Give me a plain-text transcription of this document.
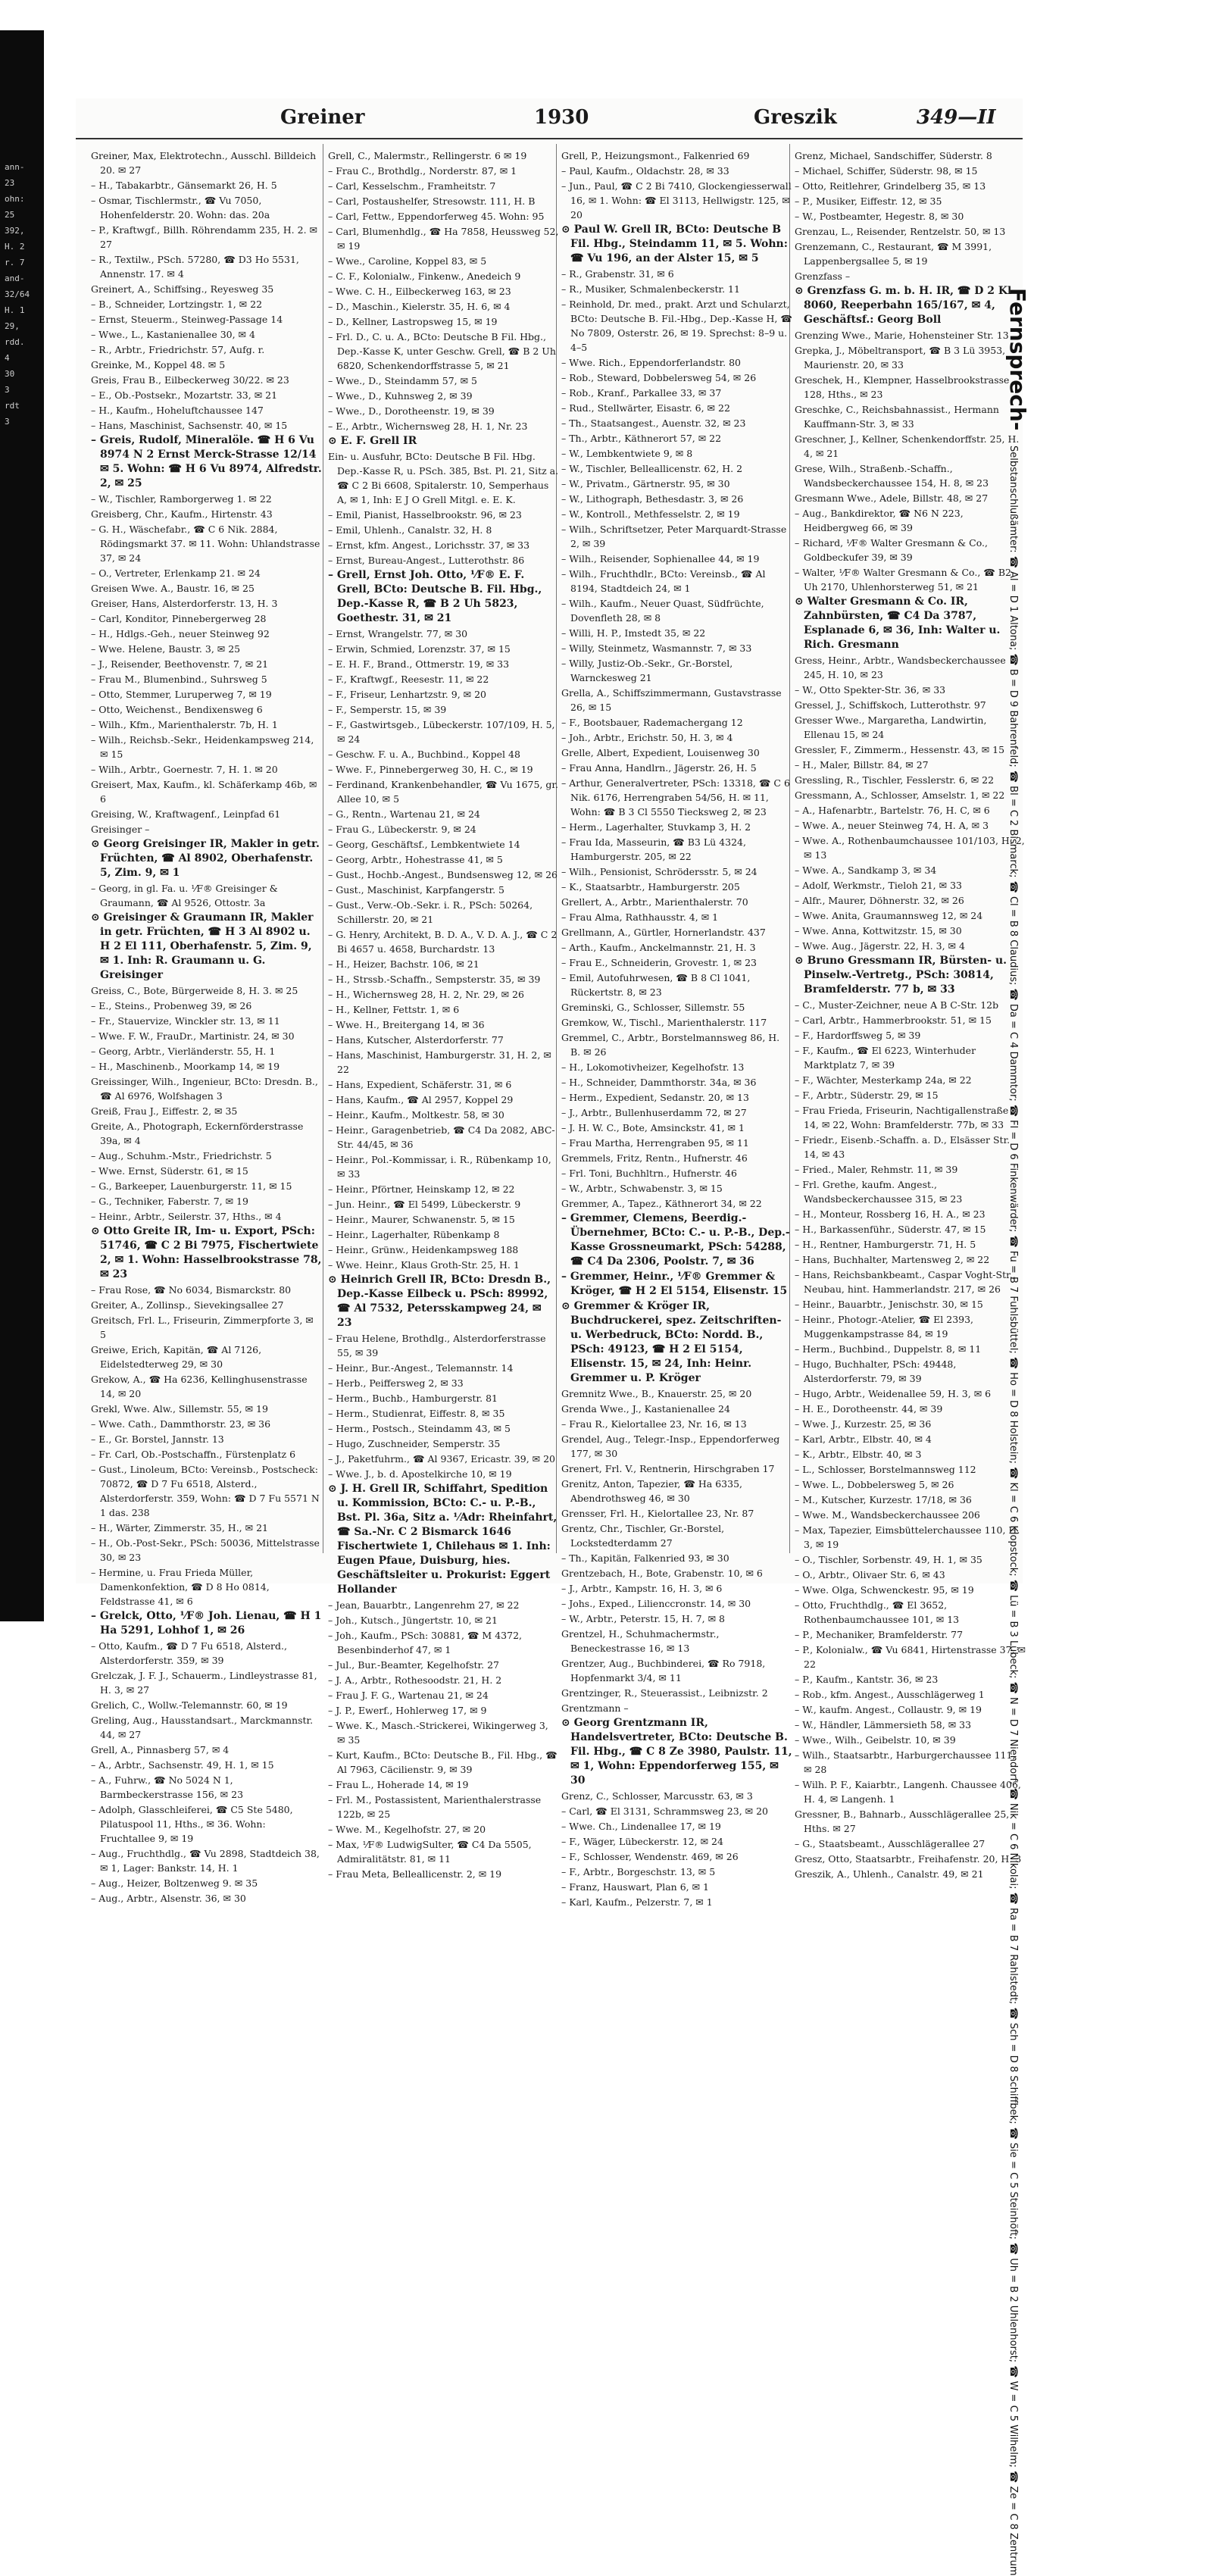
ann-
23
ohn:
25
392,
H. 2
r. 7
and-
32/64
H. 1
29,
rdd.
4
30
3
rdt
3
Greiner	1930	Greszik	349—II
Greiner, Max, Elektrotechn., Ausschl. Billdeich 20. ✉ 27
– H., Tabakarbtr., Gänsemarkt 26, H. 5
– Osmar, Tischlermstr., ☎ Vu 7050, Hohenfelderstr. 20. Wohn: das. 20a
– P., Kraftwgf., Billh. Röhrendamm 235, H. 2. ✉ 27
– R., Textilw., PSch. 57280, ☎ D3 Ho 5531, Annenstr. 17. ✉ 4
Greinert, A., Schiffsing., Reyesweg 35
– B., Schneider, Lortzingstr. 1, ✉ 22
– Ernst, Steuerm., Steinweg-Passage 14
– Wwe., L., Kastanienallee 30, ✉ 4
– R., Arbtr., Friedrichstr. 57, Aufg. r.
Greinke, M., Koppel 48. ✉ 5
Greis, Frau B., Eilbeckerweg 30/22. ✉ 23
– E., Ob.-Postsekr., Mozartstr. 33, ✉ 21
– H., Kaufm., Hoheluftchaussee 147
– Hans, Maschinist, Sachsenstr. 40, ✉ 15
– Greis, Rudolf, Mineralöle. ☎ H 6 Vu 8974 N 2 Ernst Merck-Strasse 12/14 ✉ 5. Wohn: ☎ H 6 Vu 8974, Alfredstr. 2, ✉ 25
– W., Tischler, Ramborgerweg 1. ✉ 22
Greisberg, Chr., Kaufm., Hirtenstr. 43
– G. H., Wäschefabr., ☎ C 6 Nik. 2884, Rödingsmarkt 37. ✉ 11. Wohn: Uhlandstrasse 37, ✉ 24
– O., Vertreter, Erlenkamp 21. ✉ 24
Greisen Wwe. A., Baustr. 16, ✉ 25
Greiser, Hans, Alsterdorferstr. 13, H. 3
– Carl, Konditor, Pinnebergerweg 28
– H., Hdlgs.-Geh., neuer Steinweg 92
– Wwe. Helene, Baustr. 3, ✉ 25
– J., Reisender, Beethovenstr. 7, ✉ 21
– Frau M., Blumenbind., Suhrsweg 5
– Otto, Stemmer, Luruperweg 7, ✉ 19
– Otto, Weichenst., Bendixensweg 6
– Wilh., Kfm., Marienthalerstr. 7b, H. 1
– Wilh., Reichsb.-Sekr., Heidenkampsweg 214, ✉ 15
– Wilh., Arbtr., Goernestr. 7, H. 1. ✉ 20
Greisert, Max, Kaufm., kl. Schäferkamp 46b, ✉ 6
Greising, W., Kraftwagenf., Leinpfad 61
Greisinger –
⊙ Georg Greisinger IR, Makler in getr. Früchten, ☎ Al 8902, Oberhafenstr. 5, Zim. 9, ✉ 1
– Georg, in gl. Fa. u. ⅟F® Greisinger & Graumann, ☎ Al 9526, Ottostr. 3a
⊙ Greisinger & Graumann IR, Makler in getr. Früchten, ☎ H 3 Al 8902 u. H 2 El 111, Oberhafenstr. 5, Zim. 9, ✉ 1. Inh: R. Graumann u. G. Greisinger
Greiss, C., Bote, Bürgerweide 8, H. 3. ✉ 25
– E., Steins., Probenweg 39, ✉ 26
– Fr., Stauervize, Winckler str. 13, ✉ 11
– Wwe. F. W., FrauDr., Martinistr. 24, ✉ 30
– Georg, Arbtr., Vierländerstr. 55, H. 1
– H., Maschinenb., Moorkamp 14, ✉ 19
Greissinger, Wilh., Ingenieur, BCto: Dresdn. B., ☎ Al 6976, Wolfshagen 3
Greiß, Frau J., Eiffestr. 2, ✉ 35
Greite, A., Photograph, Eckernförderstrasse 39a, ✉ 4
– Aug., Schuhm.-Mstr., Friedrichstr. 5
– Wwe. Ernst, Süderstr. 61, ✉ 15
– G., Barkeeper, Lauenburgerstr. 11, ✉ 15
– G., Techniker, Faberstr. 7, ✉ 19
– Heinr., Arbtr., Seilerstr. 37, Hths., ✉ 4
⊙ Otto Greite IR, Im- u. Export, PSch: 51746, ☎ C 2 Bi 7975, Fischertwiete 2, ✉ 1. Wohn: Hasselbrookstrasse 78, ✉ 23
– Frau Rose, ☎ No 6034, Bismarckstr. 80
Greiter, A., Zollinsp., Sievekingsallee 27
Greitsch, Frl. L., Friseurin, Zimmerpforte 3, ✉ 5
Greiwe, Erich, Kapitän, ☎ Al 7126, Eidelstedterweg 29, ✉ 30
Grekow, A., ☎ Ha 6236, Kellinghusenstrasse 14, ✉ 20
Grekl, Wwe. Alw., Sillemstr. 55, ✉ 19
– Wwe. Cath., Dammthorstr. 23, ✉ 36
– E., Gr. Borstel, Jannstr. 13
– Fr. Carl, Ob.-Postschaffn., Fürstenplatz 6
– Gust., Linoleum, BCto: Vereinsb., Postscheck: 70872, ☎ D 7 Fu 6518, Alsterd., Alsterdorferstr. 359, Wohn: ☎ D 7 Fu 5571 N 1 das. 238
– H., Wärter, Zimmerstr. 35, H., ✉ 21
– H., Ob.-Post-Sekr., PSch: 50036, Mittelstrasse 30, ✉ 23
– Hermine, u. Frau Frieda Müller, Damenkonfektion, ☎ D 8 Ho 0814, Feldstrasse 41, ✉ 6
– Grelck, Otto, ⅟F® Joh. Lienau, ☎ H 1 Ha 5291, Lohhof 1, ✉ 26
– Otto, Kaufm., ☎ D 7 Fu 6518, Alsterd., Alsterdorferstr. 359, ✉ 39
Grelczak, J. F. J., Schauerm., Lindleystrasse 81, H. 3, ✉ 27
Grelich, C., Wollw.-Telemannstr. 60, ✉ 19
Greling, Aug., Hausstandsart., Marckmannstr. 44, ✉ 27
Grell, A., Pinnasberg 57, ✉ 4
– A., Arbtr., Sachsenstr. 49, H. 1, ✉ 15
– A., Fuhrw., ☎ No 5024 N 1, Barmbeckerstrasse 156, ✉ 23
– Adolph, Glasschleiferei, ☎ C5 Ste 5480, Pilatuspool 11, Hths., ✉ 36. Wohn: Fruchtallee 9, ✉ 19
– Aug., Fruchthdlg., ☎ Vu 2898, Stadtdeich 38, ✉ 1, Lager: Bankstr. 14, H. 1
– Aug., Heizer, Boltzenweg 9. ✉ 35
– Aug., Arbtr., Alsenstr. 36, ✉ 30
Grell, C., Malermstr., Rellingerstr. 6 ✉ 19
– Frau C., Brothdlg., Norderstr. 87, ✉ 1
– Carl, Kesselschm., Framheitstr. 7
– Carl, Postaushelfer, Stresowstr. 111, H. B
– Carl, Fettw., Eppendorferweg 45. Wohn: 95
– Carl, Blumenhdlg., ☎ Ha 7858, Heussweg 52, ✉ 19
– Wwe., Caroline, Koppel 83, ✉ 5
– C. F., Kolonialw., Finkenw., Anedeich 9
– Wwe. C. H., Eilbeckerweg 163, ✉ 23
– D., Maschin., Kielerstr. 35, H. 6, ✉ 4
– D., Kellner, Lastropsweg 15, ✉ 19
– Frl. D., C. u. A., BCto: Deutsche B Fil. Hbg., Dep.-Kasse K, unter Geschw. Grell, ☎ B 2 Uh 6820, Schenkendorffstrasse 5, ✉ 21
– Wwe., D., Steindamm 57, ✉ 5
– Wwe., D., Kuhnsweg 2, ✉ 39
– Wwe., D., Dorotheenstr. 19, ✉ 39
– E., Arbtr., Wichernsweg 28, H. 1, Nr. 23
⊙ E. F. Grell IR
Ein- u. Ausfuhr, BCto: Deutsche B Fil. Hbg. Dep.-Kasse R, u. PSch. 385, Bst. Pl. 21, Sitz a. ☎ C 2 Bi 6608, Spitalerstr. 10, Semperhaus A, ✉ 1, Inh: E J O Grell Mitgl. e. E. K.
– Emil, Pianist, Hasselbrookstr. 96, ✉ 23
– Emil, Uhlenh., Canalstr. 32, H. 8
– Ernst, kfm. Angest., Lorichsstr. 37, ✉ 33
– Ernst, Bureau-Angest., Lutterothstr. 86
– Grell, Ernst Joh. Otto, ⅟F® E. F. Grell, BCto: Deutsche B. Fil. Hbg., Dep.-Kasse R, ☎ B 2 Uh 5823, Goethestr. 31, ✉ 21
– Ernst, Wrangelstr. 77, ✉ 30
– Erwin, Schmied, Lorenzstr. 37, ✉ 15
– E. H. F., Brand., Ottmerstr. 19, ✉ 33
– F., Kraftwgf., Reesestr. 11, ✉ 22
– F., Friseur, Lenhartzstr. 9, ✉ 20
– F., Semperstr. 15, ✉ 39
– F., Gastwirtsgeb., Lübeckerstr. 107/109, H. 5, ✉ 24
– Geschw. F. u. A., Buchbind., Koppel 48
– Wwe. F., Pinnebergerweg 30, H. C., ✉ 19
– Ferdinand, Krankenbehandler, ☎ Vu 1675, gr. Allee 10, ✉ 5
– G., Rentn., Wartenau 21, ✉ 24
– Frau G., Lübeckerstr. 9, ✉ 24
– Georg, Geschäftsf., Lembkentwiete 14
– Georg, Arbtr., Hohestrasse 41, ✉ 5
– Gust., Hochb.-Angest., Bundsensweg 12, ✉ 26
– Gust., Maschinist, Karpfangerstr. 5
– Gust., Verw.-Ob.-Sekr. i. R., PSch: 50264, Schillerstr. 20, ✉ 21
– G. Henry, Architekt, B. D. A., V. D. A. J., ☎ C 2 Bi 4657 u. 4658, Burchardstr. 13
– H., Heizer, Bachstr. 106, ✉ 21
– H., Strssb.-Schaffn., Sempsterstr. 35, ✉ 39
– H., Wichernsweg 28, H. 2, Nr. 29, ✉ 26
– H., Kellner, Fettstr. 1, ✉ 6
– Wwe. H., Breitergang 14, ✉ 36
– Hans, Kutscher, Alsterdorferstr. 77
– Hans, Maschinist, Hamburgerstr. 31, H. 2, ✉ 22
– Hans, Expedient, Schäferstr. 31, ✉ 6
– Hans, Kaufm., ☎ Al 2957, Koppel 29
– Heinr., Kaufm., Moltkestr. 58, ✉ 30
– Heinr., Garagenbetrieb, ☎ C4 Da 2082, ABC-Str. 44/45, ✉ 36
– Heinr., Pol.-Kommissar, i. R., Rübenkamp 10, ✉ 33
– Heinr., Pförtner, Heinskamp 12, ✉ 22
– Jun. Heinr., ☎ El 5499, Lübeckerstr. 9
– Heinr., Maurer, Schwanenstr. 5, ✉ 15
– Heinr., Lagerhalter, Rübenkamp 8
– Heinr., Grünw., Heidenkampsweg 188
– Wwe. Heinr., Klaus Groth-Str. 25, H. 1
⊙ Heinrich Grell IR, BCto: Dresdn B., Dep.-Kasse Eilbeck u. PSch: 89992, ☎ Al 7532, Petersskampweg 24, ✉ 23
– Frau Helene, Brothdlg., Alsterdorferstrasse 55, ✉ 39
– Heinr., Bur.-Angest., Telemannstr. 14
– Herb., Peiffersweg 2, ✉ 33
– Herm., Buchb., Hamburgerstr. 81
– Herm., Studienrat, Eiffestr. 8, ✉ 35
– Herm., Postsch., Steindamm 43, ✉ 5
– Hugo, Zuschneider, Semperstr. 35
– J., Paketfuhrm., ☎ Al 9367, Ericastr. 39, ✉ 20
– Wwe. J., b. d. Apostelkirche 10, ✉ 19
⊙ J. H. Grell IR, Schiffahrt, Spedition u. Kommission, BCto: C.- u. P.-B., Bst. Pl. 36a, Sitz a. ⅟Adr: Rheinfahrt, ☎ Sa.-Nr. C 2 Bismarck 1646 Fischertwiete 1, Chilehaus ✉ 1. Inh: Eugen Pfaue, Duisburg, hies. Geschäftsleiter u. Prokurist: Eggert Hollander
– Jean, Bauarbtr., Langenrehm 27, ✉ 22
– Joh., Kutsch., Jüngertstr. 10, ✉ 21
– Joh., Kaufm., PSch: 30881, ☎ M 4372, Besenbinderhof 47, ✉ 1
– Jul., Bur.-Beamter, Kegelhofstr. 27
– J. A., Arbtr., Rothesoodstr. 21, H. 2
– Frau J. F. G., Wartenau 21, ✉ 24
– J. P., Ewerf., Hohlerweg 17, ✉ 9
– Wwe. K., Masch.-Strickerei, Wikingerweg 3, ✉ 35
– Kurt, Kaufm., BCto: Deutsche B., Fil. Hbg., ☎ Al 7963, Cäcilienstr. 9, ✉ 39
– Frau L., Hoherade 14, ✉ 19
– Frl. M., Postassistent, Marienthalerstrasse 122b, ✉ 25
– Wwe. M., Kegelhofstr. 27, ✉ 20
– Max, ⅟F® LudwigSulter, ☎ C4 Da 5505, Admiralitätstr. 81, ✉ 11
– Frau Meta, Belleallicenstr. 2, ✉ 19
Grell, P., Heizungsmont., Falkenried 69
– Paul, Kaufm., Oldachstr. 28, ✉ 33
– Jun., Paul, ☎ C 2 Bi 7410, Glockengiesserwall 16, ✉ 1. Wohn: ☎ El 3113, Hellwigstr. 125, ✉ 20
⊙ Paul W. Grell IR, BCto: Deutsche B Fil. Hbg., Steindamm 11, ✉ 5. Wohn: ☎ Vu 196, an der Alster 15, ✉ 5
– R., Grabenstr. 31, ✉ 6
– R., Musiker, Schmalenbeckerstr. 11
– Reinhold, Dr. med., prakt. Arzt und Schularzt, BCto: Deutsche B. Fil.-Hbg., Dep.-Kasse H, ☎ No 7809, Osterstr. 26, ✉ 19. Sprechst: 8–9 u. 4–5
– Wwe. Rich., Eppendorferlandstr. 80
– Rob., Steward, Dobbelersweg 54, ✉ 26
– Rob., Kranf., Parkallee 33, ✉ 37
– Rud., Stellwärter, Eisastr. 6, ✉ 22
– Th., Staatsangest., Auenstr. 32, ✉ 23
– Th., Arbtr., Käthnerort 57, ✉ 22
– W., Lembkentwiete 9, ✉ 8
– W., Tischler, Belleallicenstr. 62, H. 2
– W., Privatm., Gärtnerstr. 95, ✉ 30
– W., Lithograph, Bethesdastr. 3, ✉ 26
– W., Kontroll., Methfesselstr. 2, ✉ 19
– Wilh., Schriftsetzer, Peter Marquardt-Strasse 2, ✉ 39
– Wilh., Reisender, Sophienallee 44, ✉ 19
– Wilh., Fruchthdlr., BCto: Vereinsb., ☎ Al 8194, Stadtdeich 24, ✉ 1
– Wilh., Kaufm., Neuer Quast, Südfrüchte, Dovenfleth 28, ✉ 8
– Willi, H. P., Imstedt 35, ✉ 22
– Willy, Steinmetz, Wasmannstr. 7, ✉ 33
– Willy, Justiz-Ob.-Sekr., Gr.-Borstel, Warnckesweg 21
Grella, A., Schiffszimmermann, Gustavstrasse 26, ✉ 15
– F., Bootsbauer, Rademachergang 12
– Joh., Arbtr., Erichstr. 50, H. 3, ✉ 4
Grelle, Albert, Expedient, Louisenweg 30
– Frau Anna, Handlrn., Jägerstr. 26, H. 5
– Arthur, Generalvertreter, PSch: 13318, ☎ C 6 Nik. 6176, Herrengraben 54/56, H. ✉ 11, Wohn: ☎ B 3 Cl 5550 Tiecksweg 2, ✉ 23
– Herm., Lagerhalter, Stuvkamp 3, H. 2
– Frau Ida, Masseurin, ☎ B3 Lü 4324, Hamburgerstr. 205, ✉ 22
– Wilh., Pensionist, Schrödersstr. 5, ✉ 24
– K., Staatsarbtr., Hamburgerstr. 205
Grellert, A., Arbtr., Marienthalerstr. 70
– Frau Alma, Rathhausstr. 4, ✉ 1
Grellmann, A., Gürtler, Hornerlandstr. 437
– Arth., Kaufm., Anckelmannstr. 21, H. 3
– Frau E., Schneiderin, Grovestr. 1, ✉ 23
– Emil, Autofuhrwesen, ☎ B 8 Cl 1041, Rückertstr. 8, ✉ 23
Greminski, G., Schlosser, Sillemstr. 55
Gremkow, W., Tischl., Marienthalerstr. 117
Gremmel, C., Arbtr., Borstelmannsweg 86, H. B. ✉ 26
– H., Lokomotivheizer, Kegelhofstr. 13
– H., Schneider, Dammthorstr. 34a, ✉ 36
– Herm., Expedient, Sedanstr. 20, ✉ 13
– J., Arbtr., Bullenhuserdamm 72, ✉ 27
– J. H. W. C., Bote, Amsinckstr. 41, ✉ 1
– Frau Martha, Herrengraben 95, ✉ 11
Gremmels, Fritz, Rentn., Hufnerstr. 46
– Frl. Toni, Buchhltrn., Hufnerstr. 46
– W., Arbtr., Schwabenstr. 3, ✉ 15
Gremmer, A., Tapez., Käthnerort 34, ✉ 22
– Gremmer, Clemens, Beerdig.-Übernehmer, BCto: C.- u. P.-B., Dep.-Kasse Grossneumarkt, PSch: 54288, ☎ C4 Da 2306, Poolstr. 7, ✉ 36
– Gremmer, Heinr., ⅟F® Gremmer & Kröger, ☎ H 2 El 5154, Elisenstr. 15
⊙ Gremmer & Kröger IR, Buchdruckerei, spez. Zeitschriften- u. Werbedruck, BCto: Nordd. B., PSch: 49123, ☎ H 2 El 5154, Elisenstr. 15, ✉ 24, Inh: Heinr. Gremmer u. P. Kröger
Gremnitz Wwe., B., Knauerstr. 25, ✉ 20
Grenda Wwe., J., Kastanienallee 24
– Frau R., Kielortallee 23, Nr. 16, ✉ 13
Grendel, Aug., Telegr.-Insp., Eppendorferweg 177, ✉ 30
Grenert, Frl. V., Rentnerin, Hirschgraben 17
Grenitz, Anton, Tapezier, ☎ Ha 6335, Abendrothsweg 46, ✉ 30
Grensser, Frl. H., Kielortallee 23, Nr. 87
Grentz, Chr., Tischler, Gr.-Borstel, Lockstedterdamm 27
– Th., Kapitän, Falkenried 93, ✉ 30
Grentzebach, H., Bote, Grabenstr. 10, ✉ 6
– J., Arbtr., Kampstr. 16, H. 3, ✉ 6
– Johs., Exped., Lilienccronstr. 14, ✉ 30
– W., Arbtr., Peterstr. 15, H. 7, ✉ 8
Grentzel, H., Schuhmachermstr., Beneckestrasse 16, ✉ 13
Grentzer, Aug., Buchbinderei, ☎ Ro 7918, Hopfenmarkt 3/4, ✉ 11
Grentzinger, R., Steuerassist., Leibnizstr. 2
Grentzmann –
⊙ Georg Grentzmann IR, Handelsvertreter, BCto: Deutsche B. Fil. Hbg., ☎ C 8 Ze 3980, Paulstr. 11, ✉ 1, Wohn: Eppendorferweg 155, ✉ 30
Grenz, C., Schlosser, Marcusstr. 63, ✉ 3
– Carl, ☎ El 3131, Schrammsweg 23, ✉ 20
– Wwe. Ch., Lindenallee 17, ✉ 19
– F., Wäger, Lübeckerstr. 12, ✉ 24
– F., Schlosser, Wendenstr. 469, ✉ 26
– F., Arbtr., Borgeschstr. 13, ✉ 5
– Franz, Hauswart, Plan 6, ✉ 1
– Karl, Kaufm., Pelzerstr. 7, ✉ 1
Grenz, Michael, Sandschiffer, Süderstr. 8
– Michael, Schiffer, Süderstr. 98, ✉ 15
– Otto, Reitlehrer, Grindelberg 35, ✉ 13
– P., Musiker, Eiffestr. 12, ✉ 35
– W., Postbeamter, Hegestr. 8, ✉ 30
Grenzau, L., Reisender, Rentzelstr. 50, ✉ 13
Grenzemann, C., Restaurant, ☎ M 3991, Lappenbergsallee 5, ✉ 19
Grenzfass –
⊙ Grenzfass G. m. b. H. IR, ☎ D 2 Kl 8060, Reeperbahn 165/167, ✉ 4, Geschäftsf.: Georg Boll
Grenzing Wwe., Marie, Hohensteiner Str. 13
Grepka, J., Möbeltransport, ☎ B 3 Lü 3953, Maurienstr. 20, ✉ 33
Greschek, H., Klempner, Hasselbrookstrasse 128, Hths., ✉ 23
Greschke, C., Reichsbahnassist., Hermann Kauffmann-Str. 3, ✉ 33
Greschner, J., Kellner, Schenkendorffstr. 25, H. 4, ✉ 21
Grese, Wilh., Straßenb.-Schaffn., Wandsbeckerchaussee 154, H. 8, ✉ 23
Gresmann Wwe., Adele, Billstr. 48, ✉ 27
– Aug., Bankdirektor, ☎ N6 N 223, Heidbergweg 66, ✉ 39
– Richard, ⅟F® Walter Gresmann & Co., Goldbeckufer 39, ✉ 39
– Walter, ⅟F® Walter Gresmann & Co., ☎ B2 Uh 2170, Uhlenhorsterweg 51, ✉ 21
⊙ Walter Gresmann & Co. IR, Zahnbürsten, ☎ C4 Da 3787, Esplanade 6, ✉ 36, Inh: Walter u. Rich. Gresmann
Gress, Heinr., Arbtr., Wandsbeckerchaussee 245, H. 10, ✉ 23
– W., Otto Spekter-Str. 36, ✉ 33
Gressel, J., Schiffskoch, Lutterothstr. 97
Gresser Wwe., Margaretha, Landwirtin, Ellenau 15, ✉ 24
Gressler, F., Zimmerm., Hessenstr. 43, ✉ 15
– H., Maler, Billstr. 84, ✉ 27
Gressling, R., Tischler, Fesslerstr. 6, ✉ 22
Gressmann, A., Schlosser, Amselstr. 1, ✉ 22
– A., Hafenarbtr., Bartelstr. 76, H. C, ✉ 6
– Wwe. A., neuer Steinweg 74, H. A, ✉ 3
– Wwe. A., Rothenbaumchaussee 101/103, H. 2, ✉ 13
– Wwe. A., Sandkamp 3, ✉ 34
– Adolf, Werkmstr., Tieloh 21, ✉ 33
– Alfr., Maurer, Döhnerstr. 32, ✉ 26
– Wwe. Anita, Graumannsweg 12, ✉ 24
– Wwe. Anna, Kottwitzstr. 15, ✉ 30
– Wwe. Aug., Jägerstr. 22, H. 3, ✉ 4
⊙ Bruno Gressmann IR, Bürsten- u. Pinselw.-Vertretg., PSch: 30814, Bramfelderstr. 77 b, ✉ 33
– C., Muster-Zeichner, neue A B C-Str. 12b
– Carl, Arbtr., Hammerbrookstr. 51, ✉ 15
– F., Hardorffsweg 5, ✉ 39
– F., Kaufm., ☎ El 6223, Winterhuder Marktplatz 7, ✉ 39
– F., Wächter, Mesterkamp 24a, ✉ 22
– F., Arbtr., Süderstr. 29, ✉ 15
– Frau Frieda, Friseurin, Nachtigallenstraße 14, ✉ 22, Wohn: Bramfelderstr. 77b, ✉ 33
– Friedr., Eisenb.-Schaffn. a. D., Elsässer Str. 14, ✉ 43
– Fried., Maler, Rehmstr. 11, ✉ 39
– Frl. Grethe, kaufm. Angest., Wandsbeckerchaussee 315, ✉ 23
– H., Monteur, Rossberg 16, H. A., ✉ 23
– H., Barkassenführ., Süderstr. 47, ✉ 15
– H., Rentner, Hamburgerstr. 71, H. 5
– Hans, Buchhalter, Martensweg 2, ✉ 22
– Hans, Reichsbankbeamt., Caspar Voght-Str., Neubau, hint. Hammerlandstr. 217, ✉ 26
– Heinr., Bauarbtr., Jenischstr. 30, ✉ 15
– Heinr., Photogr.-Atelier, ☎ El 2393, Muggenkampstrasse 84, ✉ 19
– Herm., Buchbind., Duppelstr. 8, ✉ 11
– Hugo, Buchhalter, PSch: 49448, Alsterdorferstr. 79, ✉ 39
– Hugo, Arbtr., Weidenallee 59, H. 3, ✉ 6
– H. E., Dorotheenstr. 44, ✉ 39
– Wwe. J., Kurzestr. 25, ✉ 36
– Karl, Arbtr., Elbstr. 40, ✉ 4
– K., Arbtr., Elbstr. 40, ✉ 3
– L., Schlosser, Borstelmannsweg 112
– Wwe. L., Dobbelersweg 5, ✉ 26
– M., Kutscher, Kurzestr. 17/18, ✉ 36
– Wwe. M., Wandsbeckerchaussee 206
– Max, Tapezier, Eimsbüttelerchaussee 110, H. 3, ✉ 19
– O., Tischler, Sorbenstr. 49, H. 1, ✉ 35
– O., Arbtr., Olivaer Str. 6, ✉ 43
– Wwe. Olga, Schwenckestr. 95, ✉ 19
– Otto, Fruchthdlg., ☎ El 3652, Rothenbaumchaussee 101, ✉ 13
– P., Mechaniker, Bramfelderstr. 77
– P., Kolonialw., ☎ Vu 6841, Hirtenstrasse 37, ✉ 22
– P., Kaufm., Kantstr. 36, ✉ 23
– Rob., kfm. Angest., Ausschlägerweg 1
– W., kaufm. Angest., Collaustr. 9, ✉ 19
– W., Händler, Lämmersieth 58, ✉ 33
– Wwe., Wilh., Geibelstr. 10, ✉ 39
– Wilh., Staatsarbtr., Harburgerchaussee 111, ✉ 28
– Wilh. P. F., Kaiarbtr., Langenh. Chaussee 406, H. 4, ✉ Langenh. 1
Gressner, B., Bahnarb., Ausschlägerallee 25, Hths. ✉ 27
– G., Staatsbeamt., Ausschlägerallee 27
Gresz, Otto, Staatsarbtr., Freihafenstr. 20, H. 3
Greszik, A., Uhlenh., Canalstr. 49, ✉ 21
Fernsprech- Selbstanschlußämter: ☎ Al = D 1 Altona; ☎ B = D 9 Bahrenfeld; ☎ Bl = C 2 Bismarck; ☎ Cl = B 8 Claudius; ☎ Da = C 4 Dammtor; ☎ Fl = D 6 Finkenwärder; ☎ Fu = B 7 Fuhlsbüttel; ☎ Ho = D 8 Holstein; ☎ Kl = C 6 Klopstock; ☎ Lü = B 3 Lübeck; ☎ N = D 7 Niendorf; ☎ Nik = C 6 Nikolai; ☎ Ra = B 7 Rahlstedt; ☎ Sch = D 8 Schiffbek; ☎ Sie = C 5 Steinhöft; ☎ Uh = B 2 Uhlenhorst; ☎ W = C 5 Wilhelm; ☎ Ze = C 8 Zentrum
